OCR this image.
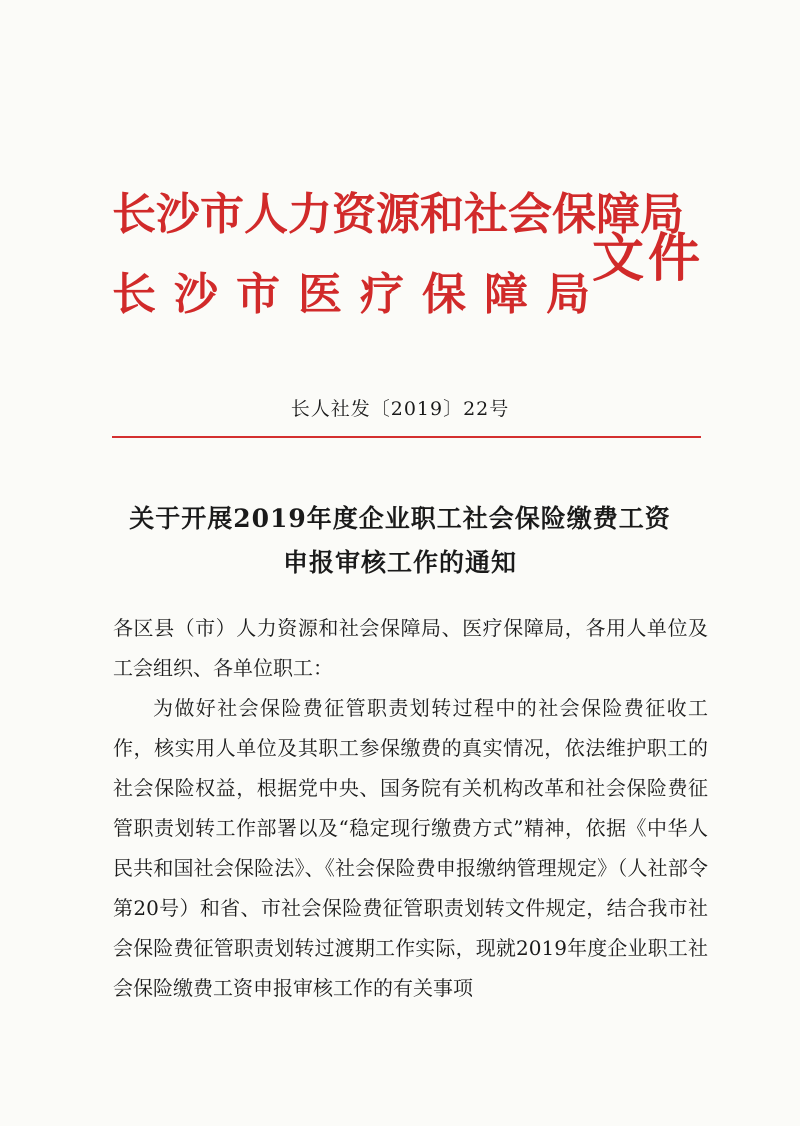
长沙市人力资源和社会保障局
长沙市医疗保障局
文件
长人社发〔2019〕22号
关于开展2019年度企业职工社会保险缴费工资
申报审核工作的通知

各区县（市）人力资源和社会保障局、医疗保障局，各用人单位及工会组织、各单位职工：

为做好社会保险费征管职责划转过程中的社会保险费征收工作，核实用人单位及其职工参保缴费的真实情况，依法维护职工的社会保险权益，根据党中央、国务院有关机构改革和社会保险费征管职责划转工作部署以及“稳定现行缴费方式”精神，依据《中华人民共和国社会保险法》、《社会保险费申报缴纳管理规定》（人社部令第20号）和省、市社会保险费征管职责划转文件规定，结合我市社会保险费征管职责划转过渡期工作实际，现就2019年度企业职工社会保险缴费工资申报审核工作的有关事项
